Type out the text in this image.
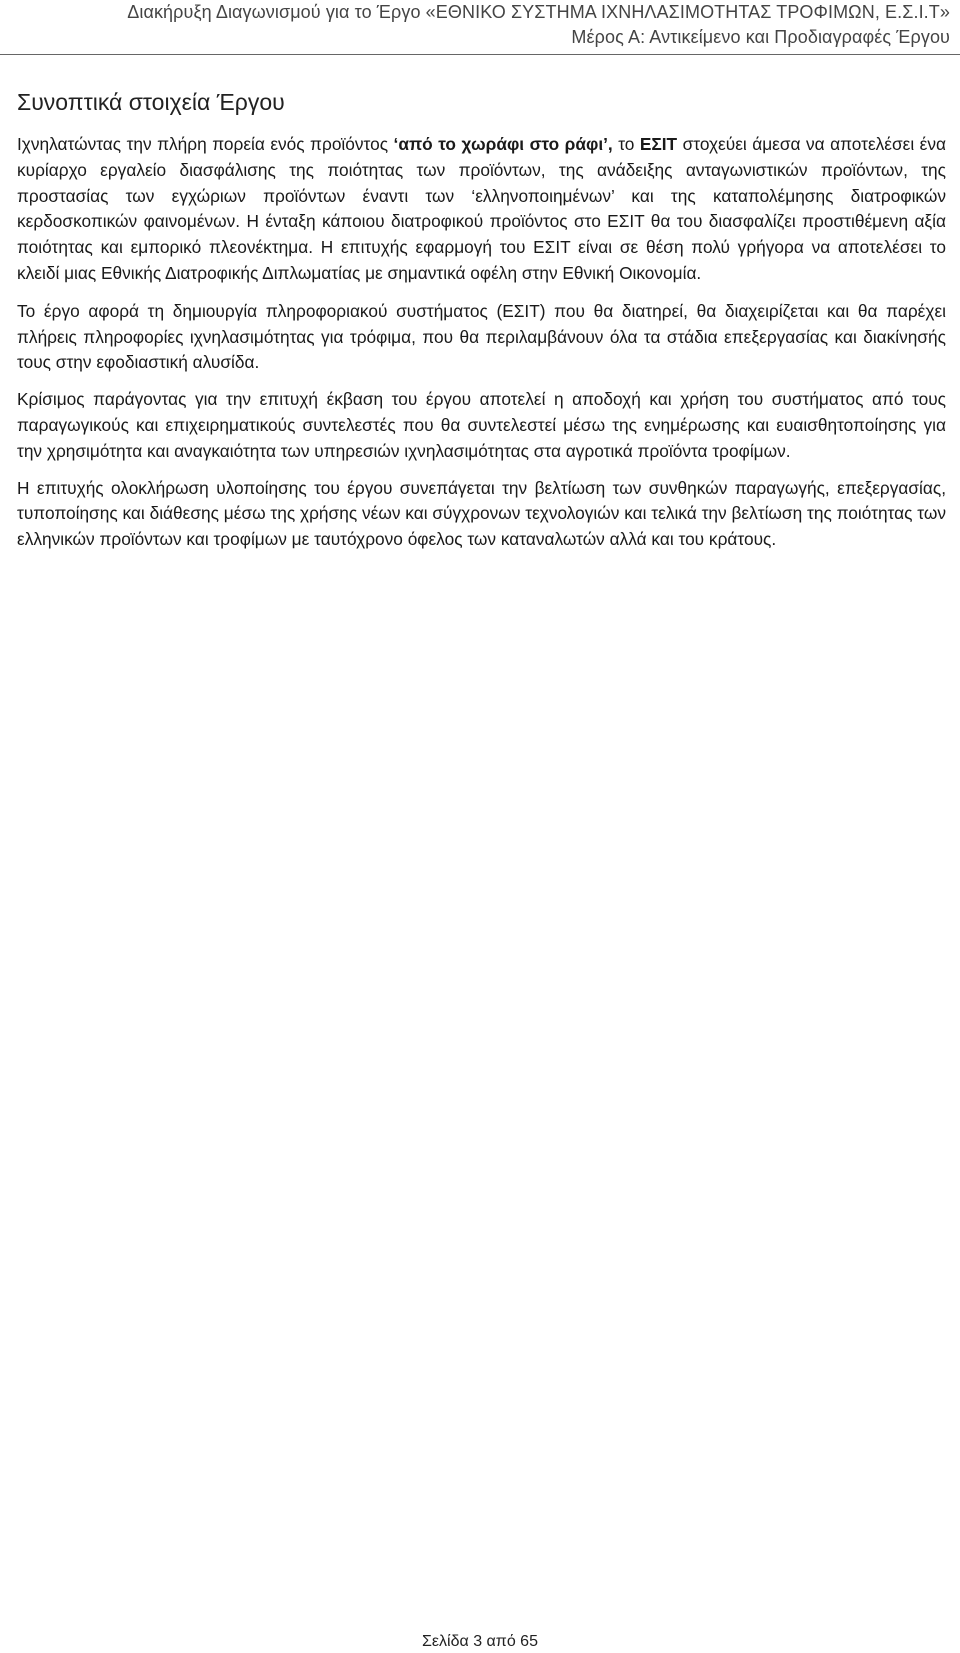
Διακήρυξη Διαγωνισμού για το Έργο «ΕΘΝΙΚΟ ΣΥΣΤΗΜΑ ΙΧΝΗΛΑΣΙΜΟΤΗΤΑΣ ΤΡΟΦΙΜΩΝ, Ε.Σ.Ι.Τ»
Μέρος Α: Αντικείμενο και Προδιαγραφές Έργου
Συνοπτικά στοιχεία Έργου

Ιχνηλατώντας την πλήρη πορεία ενός προϊόντος ‘από το χωράφι στο ράφι’, το ΕΣΙΤ στοχεύει άμεσα να αποτελέσει ένα κυρίαρχο εργαλείο διασφάλισης της ποιότητας των προϊόντων, της ανάδειξης ανταγωνιστικών προϊόντων, της προστασίας των εγχώριων προϊόντων έναντι των ‘ελληνοποιημένων’ και της καταπολέμησης διατροφικών κερδοσκοπικών φαινομένων. Η ένταξη κάποιου διατροφικού προϊόντος στο ΕΣΙΤ θα του διασφαλίζει προστιθέμενη αξία ποιότητας και εμπορικό πλεονέκτημα. Η επιτυχής εφαρμογή του ΕΣΙΤ είναι σε θέση πολύ γρήγορα να αποτελέσει το κλειδί μιας Εθνικής Διατροφικής Διπλωματίας με σημαντικά οφέλη στην Εθνική Οικονομία.

Το έργο αφορά τη δημιουργία πληροφοριακού συστήματος (ΕΣΙΤ) που θα διατηρεί, θα διαχειρίζεται και θα παρέχει πλήρεις πληροφορίες ιχνηλασιμότητας για τρόφιμα, που θα περιλαμβάνουν όλα τα στάδια επεξεργασίας και διακίνησής τους στην εφοδιαστική αλυσίδα.

Κρίσιμος παράγοντας για την επιτυχή έκβαση του έργου αποτελεί η αποδοχή και χρήση του συστήματος από τους παραγωγικούς και επιχειρηματικούς συντελεστές που θα συντελεστεί μέσω της ενημέρωσης και ευαισθητοποίησης για την χρησιμότητα και αναγκαιότητα των υπηρεσιών ιχνηλασιμότητας στα αγροτικά προϊόντα τροφίμων.

Η επιτυχής ολοκλήρωση υλοποίησης του έργου συνεπάγεται την βελτίωση των συνθηκών παραγωγής, επεξεργασίας, τυποποίησης και διάθεσης μέσω της χρήσης νέων και σύγχρονων τεχνολογιών και τελικά την βελτίωση της ποιότητας των ελληνικών προϊόντων και τροφίμων με ταυτόχρονο όφελος των καταναλωτών αλλά και του κράτους.

Σελίδα 3 από 65
